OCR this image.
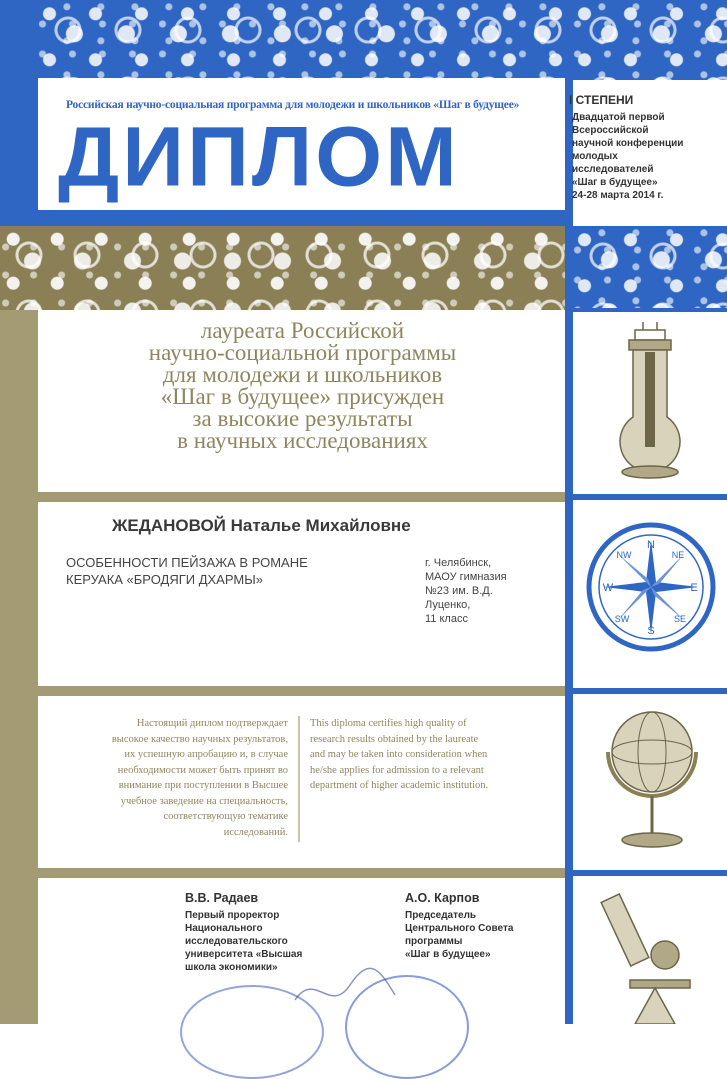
Российская научно-социальная программа для молодежи и школьников «Шаг в будущее»
ДИПЛОМ
I СТЕПЕНИ
Двадцатой первой
Всероссийской
научной конференции
молодых
исследователей
«Шаг в будущее»
24-28 марта 2014 г.
лауреата Российской
научно-социальной программы
для молодежи и школьников
«Шаг в будущее» присужден
за высокие результаты
в научных исследованиях
ЖЕДАНОВОЙ Наталье Михайловне
ОСОБЕННОСТИ ПЕЙЗАЖА В РОМАНЕ
КЕРУАКА «БРОДЯГИ ДХАРМЫ»
г. Челябинск,
МАОУ гимназия
№23 им. В.Д.
Луценко,
11 класс
Настоящий диплом подтверждает
высокое качество научных результатов,
их успешную апробацию и, в случае
необходимости может быть принят во
внимание при поступлении в Высшее
учебное заведение на специальность,
соответствующую тематике
исследований.
This diploma certifies high quality of
research results obtained by the laureate
and may be taken into consideration when
he/she applies for admission to a relevant
department of higher academic institution.
В.В. Радаев
Первый проректор
Национального
исследовательского
университета «Высшая
школа экономики»
А.О. Карпов
Председатель
Центрального Совета
программы
«Шаг в будущее»
N
NE
E
SE
S
SW
W
NW
